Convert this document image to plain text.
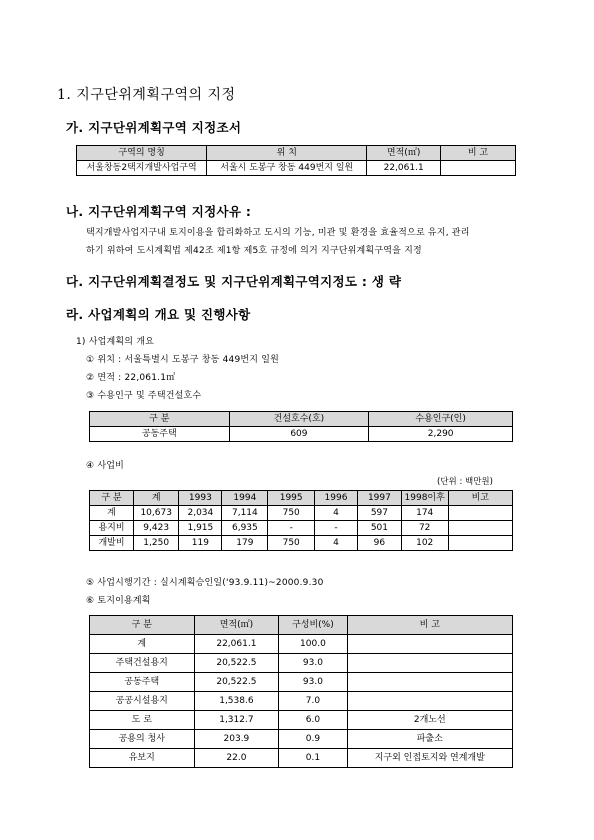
1. 지구단위계획구역의 지정
가. 지구단위계획구역 지정조서
구역의 명칭	위 치	면적(㎡)	비 고
서울창동2택지개발사업구역	서울시 도봉구 창동 449번지 일원	22,061.1	
나. 지구단위계획구역 지정사유 :
택지개발사업지구내 토지이용을 합리화하고 도시의 기능, 미관 및 환경을 효율적으로 유지, 관리
하기 위하여 도시계획법 제42조 제1항 제5호 규정에 의거 지구단위계획구역을 지정
다. 지구단위계획결정도 및 지구단위계획구역지정도 : 생 략
라. 사업계획의 개요 및 진행사항
1) 사업계획의 개요
① 위치 : 서울특별시 도봉구 창동 449번지 일원
② 면적 : 22,061.1㎡
③ 수용인구 및 주택건설호수
구 분	건설호수(호)	수용인구(인)
공동주택	609	2,290
④ 사업비
(단위 : 백만원)
구 분	계	1993	1994	1995	1996	1997	1998이후	비고
계	10,673	2,034	7,114	750	4	597	174	
용지비	9,423	1,915	6,935	-	-	501	72	
개발비	1,250	119	179	750	4	96	102	
⑤ 사업시행기간 : 실시계획승인일('93.9.11)~2000.9.30
⑥ 토지이용계획
구 분	면적(㎡)	구성비(%)	비 고
계	22,061.1	100.0	
주택건설용지	20,522.5	93.0	
공동주택	20,522.5	93.0	
공공시설용지	1,538.6	7.0	
도 로	1,312.7	6.0	2개노선
공용의 청사	203.9	0.9	파출소
유보지	22.0	0.1	지구외 인접토지와 연계개발
